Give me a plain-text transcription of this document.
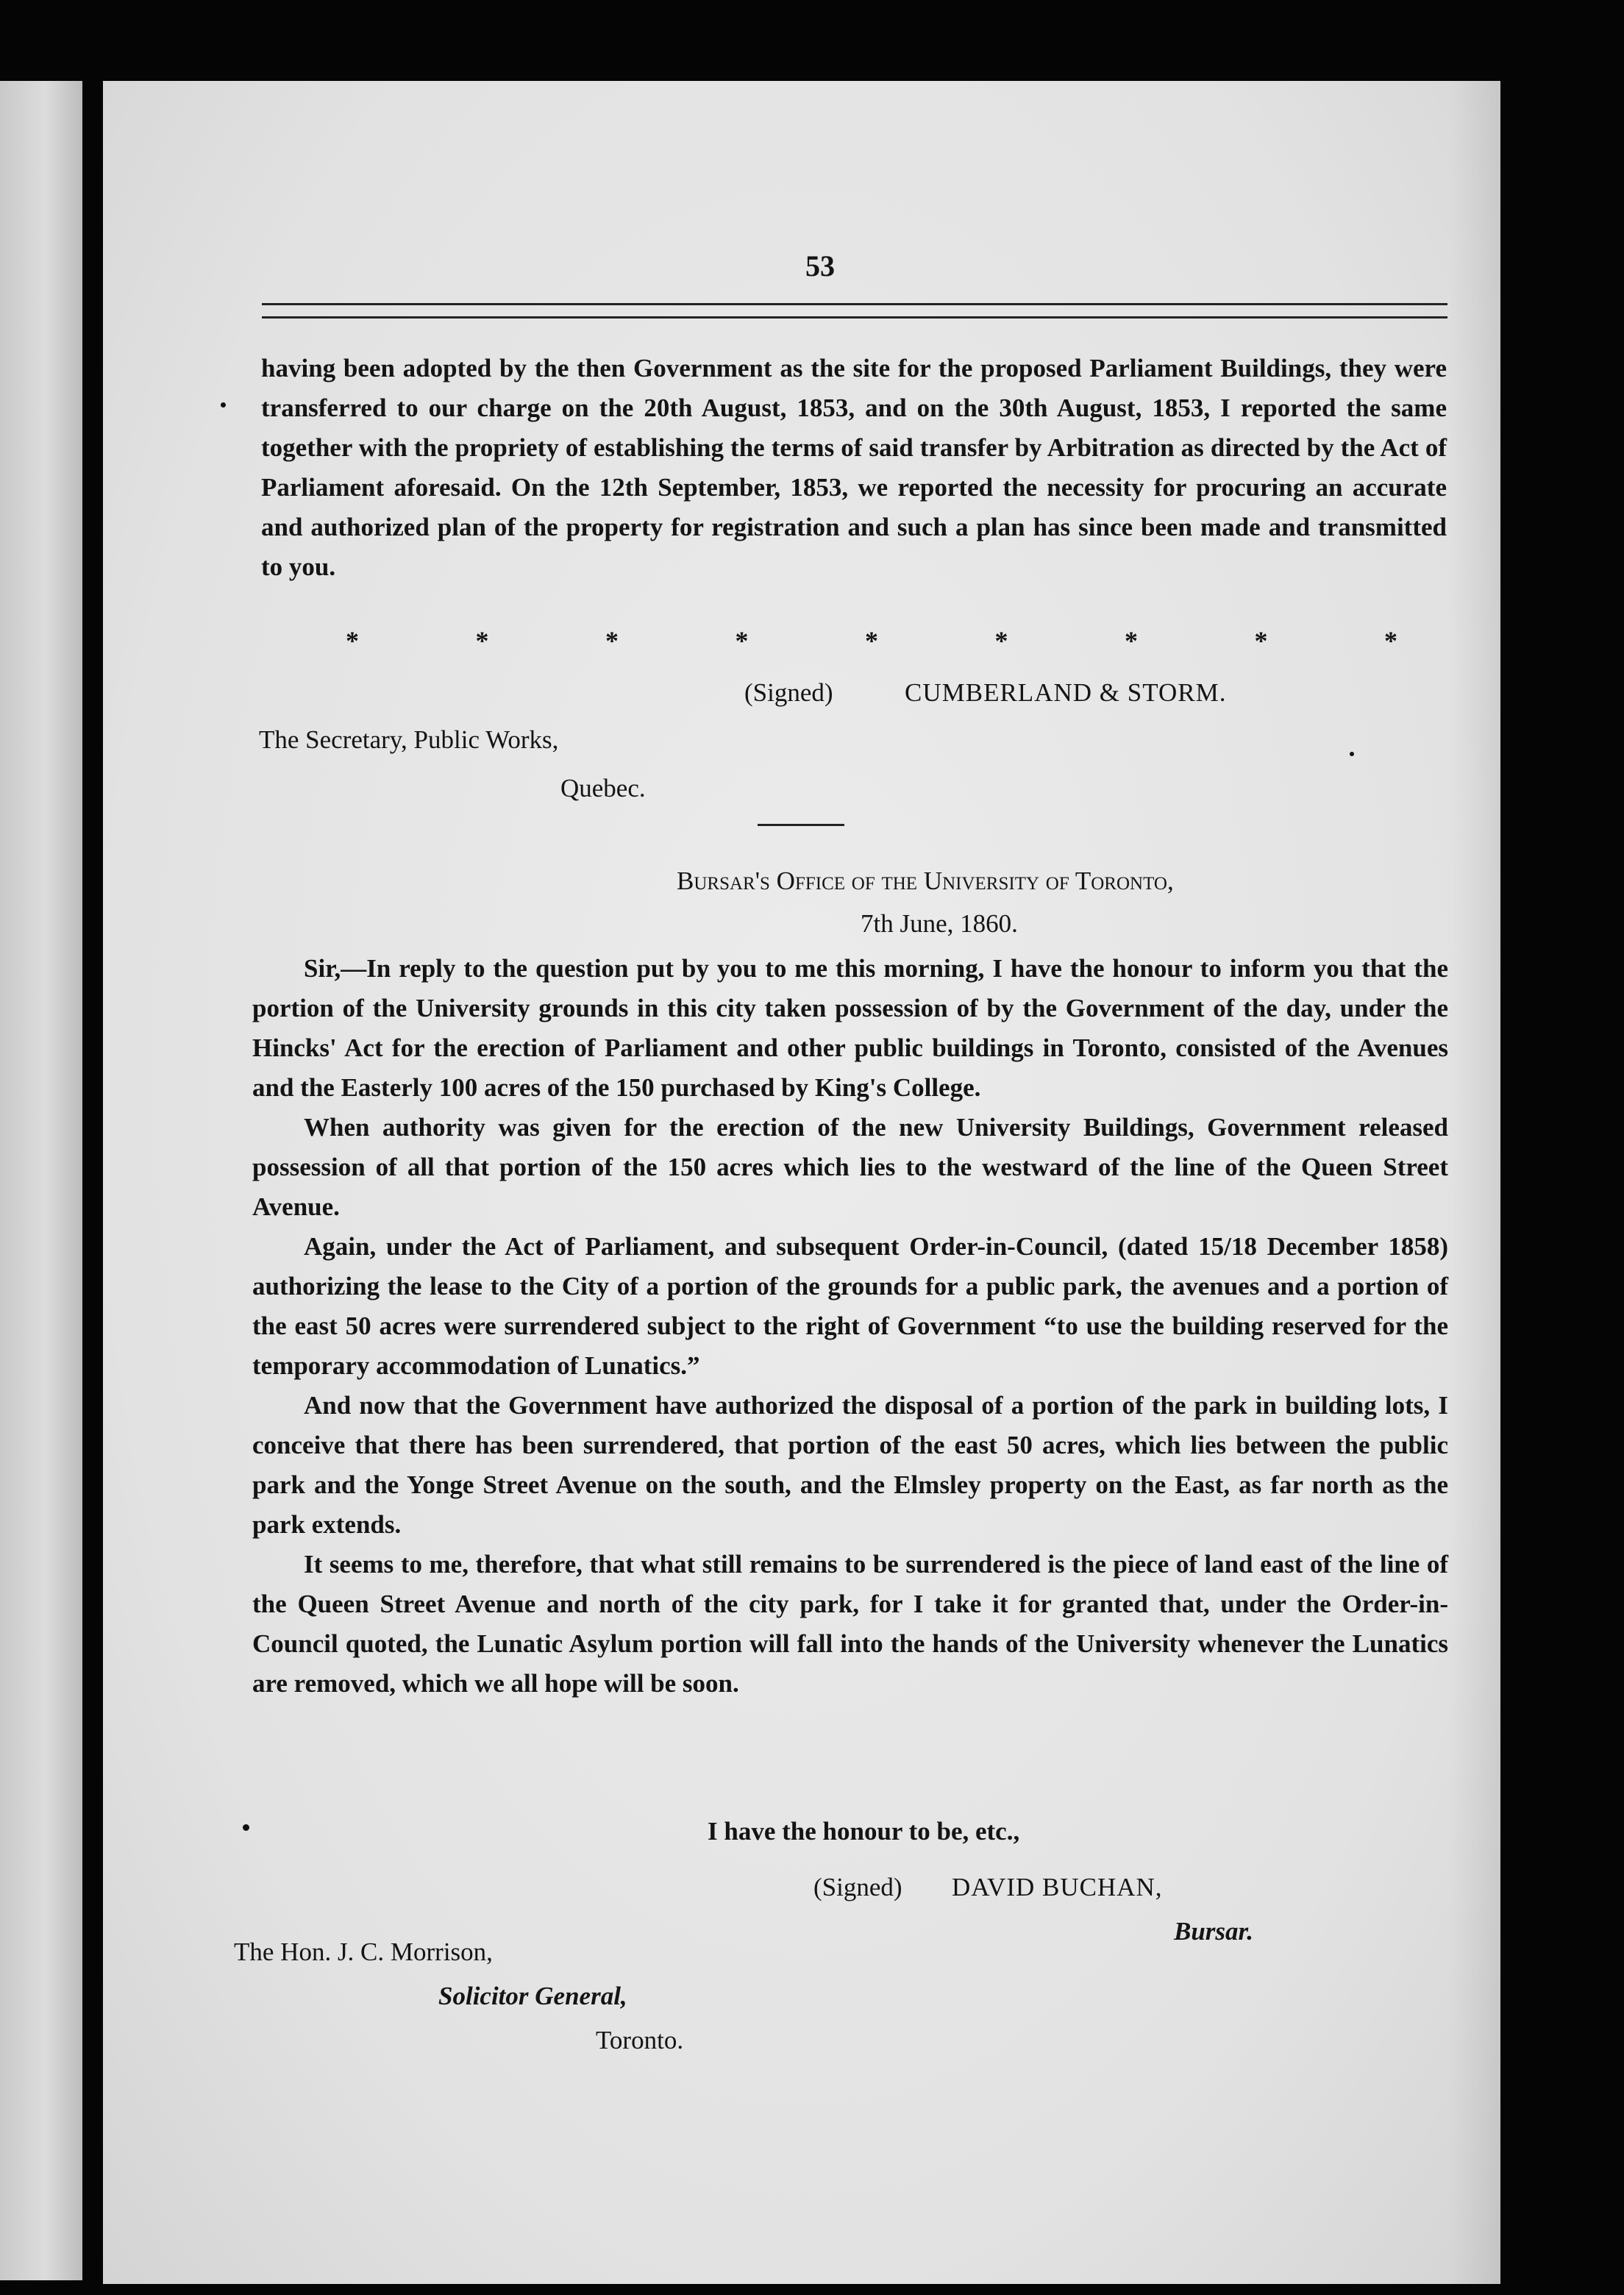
53

having been adopted by the then Government as the site for the proposed Parliament Buildings, they were transferred to our charge on the 20th August, 1853, and on the 30th August, 1853, I reported the same together with the propriety of establishing the terms of said transfer by Arbitration as directed by the Act of Parliament aforesaid. On the 12th September, 1853, we reported the necessity for procuring an accurate and authorized plan of the property for registration and such a plan has since been made and transmitted to you.

*	*	*	*	*	*	*	*	*
(Signed)	CUMBERLAND & STORM.
The Secretary, Public Works,
Quebec.
Bursar's Office of the University of Toronto,
7th June, 1860.

Sir,—In reply to the question put by you to me this morning, I have the honour to inform you that the portion of the University grounds in this city taken possession of by the Government of the day, under the Hincks' Act for the erection of Parliament and other public buildings in Toronto, consisted of the Avenues and the Easterly 100 acres of the 150 purchased by King's College.

When authority was given for the erection of the new University Buildings, Government released possession of all that portion of the 150 acres which lies to the westward of the line of the Queen Street Avenue.

Again, under the Act of Parliament, and subsequent Order-in-Council, (dated 15/18 December 1858) authorizing the lease to the City of a portion of the grounds for a public park, the avenues and a portion of the east 50 acres were surrendered subject to the right of Government “to use the building reserved for the temporary accommodation of Lunatics.”

And now that the Government have authorized the disposal of a portion of the park in building lots, I conceive that there has been surrendered, that portion of the east 50 acres, which lies between the public park and the Yonge Street Avenue on the south, and the Elmsley property on the East, as far north as the park extends.

It seems to me, therefore, that what still remains to be surrendered is the piece of land east of the line of the Queen Street Avenue and north of the city park, for I take it for granted that, under the Order-in-Council quoted, the Lunatic Asylum portion will fall into the hands of the University whenever the Lunatics are removed, which we all hope will be soon.

I have the honour to be, etc.,
(Signed) DAVID BUCHAN,
Bursar.
The Hon. J. C. Morrison,
Solicitor General,
Toronto.
